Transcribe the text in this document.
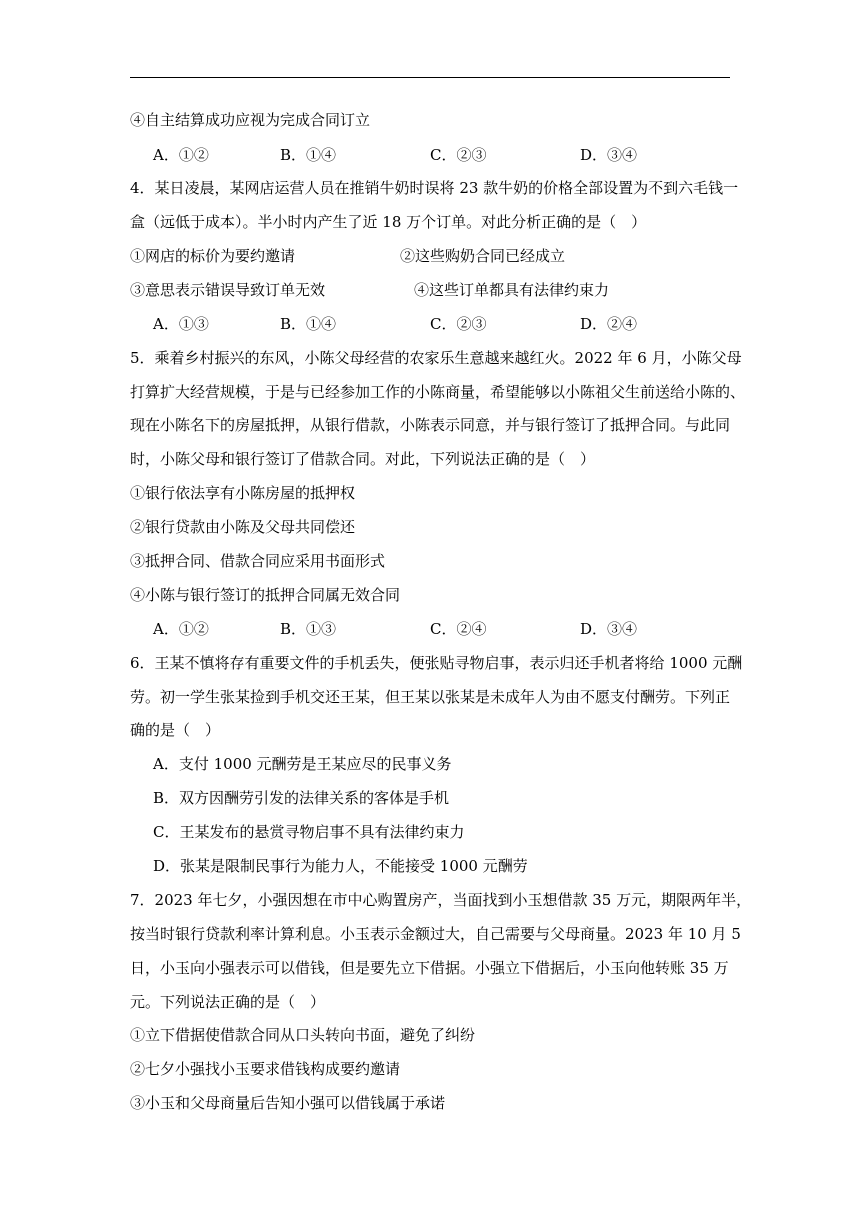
④自主结算成功应视为完成合同订立
A．①②	B．①④	C．②③	D．③④
4．某日凌晨，某网店运营人员在推销牛奶时误将 23 款牛奶的价格全部设置为不到六毛钱一
盒（远低于成本）。半小时内产生了近 18 万个订单。对此分析正确的是（　）
①网店的标价为要约邀请	②这些购奶合同已经成立
③意思表示错误导致订单无效	④这些订单都具有法律约束力
A．①③	B．①④	C．②③	D．②④
5．乘着乡村振兴的东风，小陈父母经营的农家乐生意越来越红火。2022 年 6 月，小陈父母
打算扩大经营规模，于是与已经参加工作的小陈商量，希望能够以小陈祖父生前送给小陈的、
现在小陈名下的房屋抵押，从银行借款，小陈表示同意，并与银行签订了抵押合同。与此同
时，小陈父母和银行签订了借款合同。对此，下列说法正确的是（　）
①银行依法享有小陈房屋的抵押权
②银行贷款由小陈及父母共同偿还
③抵押合同、借款合同应采用书面形式
④小陈与银行签订的抵押合同属无效合同
A．①②	B．①③	C．②④	D．③④
6．王某不慎将存有重要文件的手机丢失，便张贴寻物启事，表示归还手机者将给 1000 元酬
劳。初一学生张某捡到手机交还王某，但王某以张某是未成年人为由不愿支付酬劳。下列正
确的是（　）
A．支付 1000 元酬劳是王某应尽的民事义务
B．双方因酬劳引发的法律关系的客体是手机
C．王某发布的悬赏寻物启事不具有法律约束力
D．张某是限制民事行为能力人，不能接受 1000 元酬劳
7．2023 年七夕，小强因想在市中心购置房产，当面找到小玉想借款 35 万元，期限两年半，
按当时银行贷款利率计算利息。小玉表示金额过大，自己需要与父母商量。2023 年 10 月 5
日，小玉向小强表示可以借钱，但是要先立下借据。小强立下借据后，小玉向他转账 35 万
元。下列说法正确的是（　）
①立下借据使借款合同从口头转向书面，避免了纠纷
②七夕小强找小玉要求借钱构成要约邀请
③小玉和父母商量后告知小强可以借钱属于承诺
